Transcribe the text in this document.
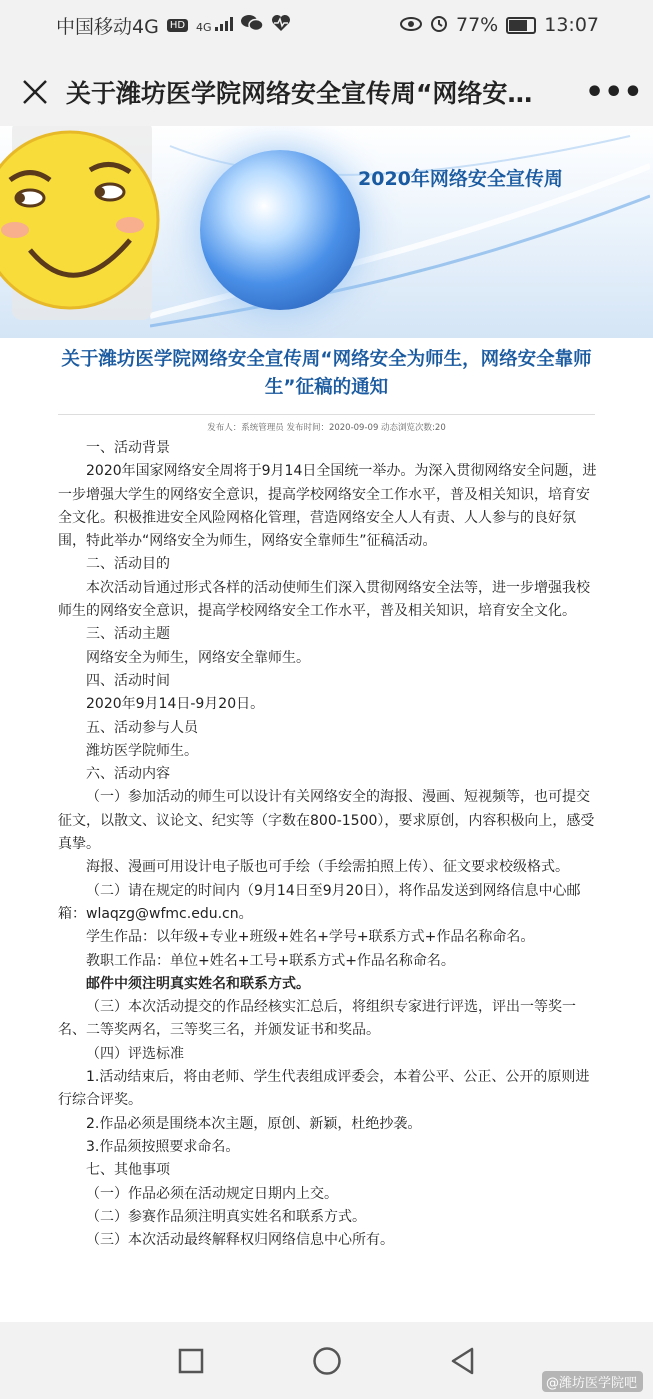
中国移动4G	HD 4G	77% 13:07
关于潍坊医学院网络安全宣传周“网络安…	•••
2020年网络安全宣传周
关于潍坊医学院网络安全宣传周“网络安全为师生，网络安全靠师生”征稿的通知
发布人：系统管理员 发布时间：2020-09-09 动态浏览次数:20

一、活动背景

2020年国家网络安全周将于9月14日全国统一举办。为深入贯彻网络安全问题，进一步增强大学生的网络安全意识，提高学校网络安全工作水平，普及相关知识，培育安全文化。积极推进安全风险网格化管理，营造网络安全人人有责、人人参与的良好氛围，特此举办“网络安全为师生，网络安全靠师生”征稿活动。

二、活动目的

本次活动旨通过形式各样的活动使师生们深入贯彻网络安全法等，进一步增强我校师生的网络安全意识，提高学校网络安全工作水平，普及相关知识，培育安全文化。

三、活动主题

网络安全为师生，网络安全靠师生。

四、活动时间

2020年9月14日-9月20日。

五、活动参与人员

潍坊医学院师生。

六、活动内容

（一）参加活动的师生可以设计有关网络安全的海报、漫画、短视频等，也可提交征文，以散文、议论文、纪实等（字数在800-1500），要求原创，内容积极向上，感受真挚。

海报、漫画可用设计电子版也可手绘（手绘需拍照上传）、征文要求校级格式。

（二）请在规定的时间内（9月14日至9月20日），将作品发送到网络信息中心邮箱：wlaqzg@wfmc.edu.cn。

学生作品：以年级+专业+班级+姓名+学号+联系方式+作品名称命名。

教职工作品：单位+姓名+工号+联系方式+作品名称命名。

邮件中须注明真实姓名和联系方式。

（三）本次活动提交的作品经核实汇总后，将组织专家进行评选，评出一等奖一名、二等奖两名，三等奖三名，并颁发证书和奖品。

（四）评选标准

1.活动结束后，将由老师、学生代表组成评委会，本着公平、公正、公开的原则进行综合评奖。

2.作品必须是围绕本次主题，原创、新颖，杜绝抄袭。

3.作品须按照要求命名。

七、其他事项

（一）作品必须在活动规定日期内上交。

（二）参赛作品须注明真实姓名和联系方式。

（三）本次活动最终解释权归网络信息中心所有。

@潍坊医学院吧
